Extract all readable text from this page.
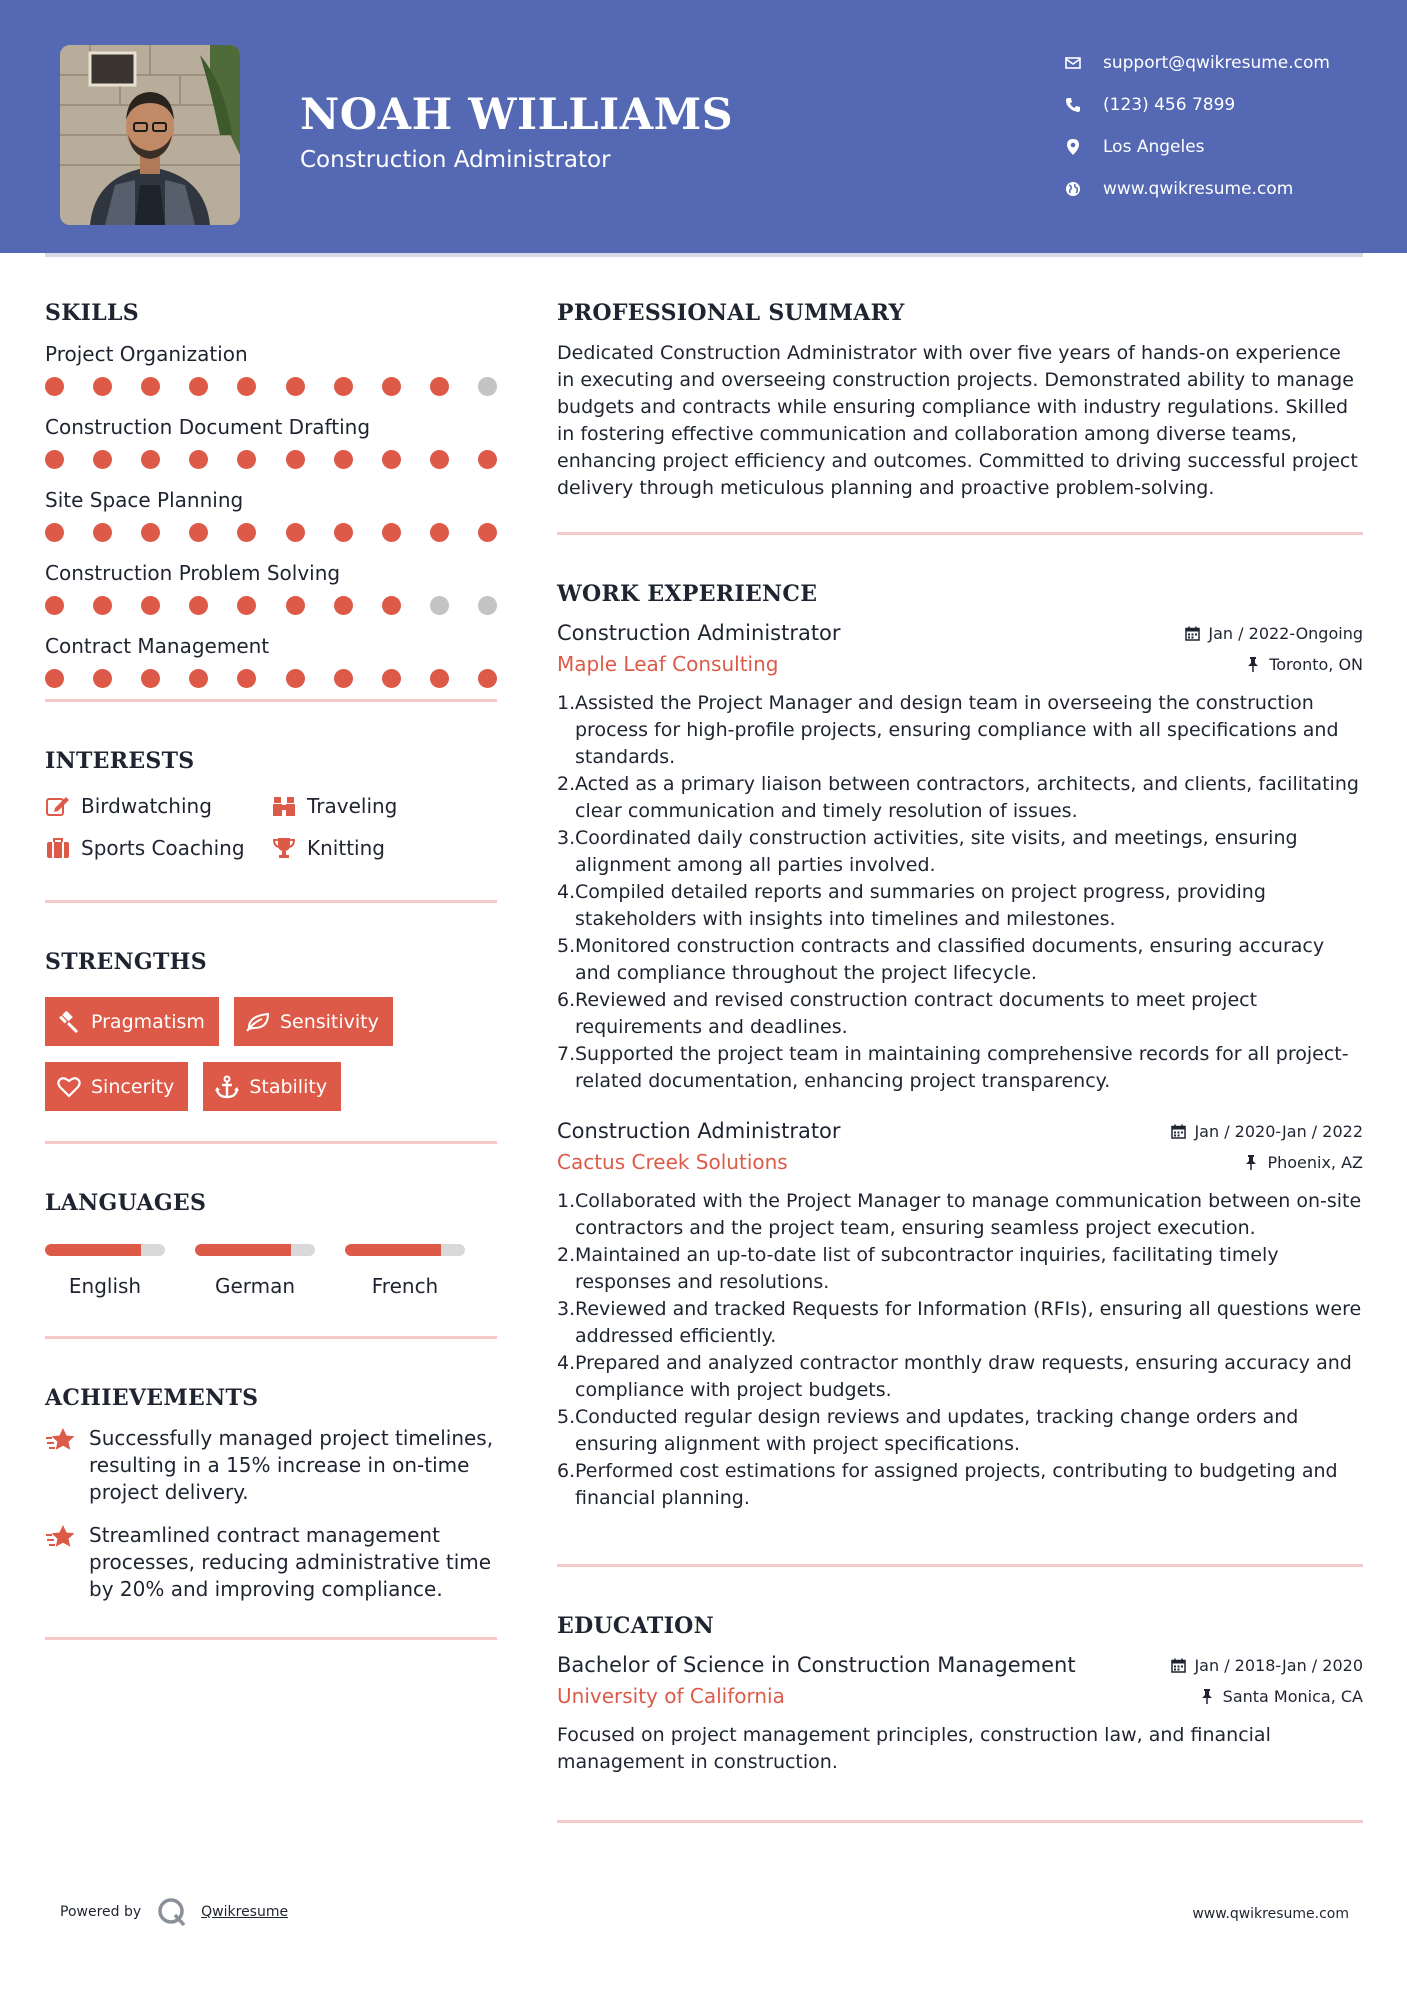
NOAH WILLIAMS
Construction Administrator
support@qwikresume.com
(123) 456 7899
Los Angeles
www.qwikresume.com
SKILLS
Project Organization
Construction Document Drafting
Site Space Planning
Construction Problem Solving
Contract Management
INTERESTS
Birdwatching	Traveling
Sports Coaching	Knitting
STRENGTHS
Pragmatism	Sensitivity
Sincerity	Stability
LANGUAGES
English	German	French
ACHIEVEMENTS
Successfully managed project timelines, resulting in a 15% increase in on-time project delivery.
Streamlined contract management processes, reducing administrative time by 20% and improving compliance.
PROFESSIONAL SUMMARY
Dedicated Construction Administrator with over five years of hands-on experience in executing and overseeing construction projects. Demonstrated ability to manage budgets and contracts while ensuring compliance with industry regulations. Skilled in fostering effective communication and collaboration among diverse teams, enhancing project efficiency and outcomes. Committed to driving successful project delivery through meticulous planning and proactive problem-solving.
WORK EXPERIENCE
Construction Administrator	Jan / 2022-Ongoing
Maple Leaf Consulting	Toronto, ON
1. Assisted the Project Manager and design team in overseeing the construction process for high-profile projects, ensuring compliance with all specifications and standards.
2. Acted as a primary liaison between contractors, architects, and clients, facilitating clear communication and timely resolution of issues.
3. Coordinated daily construction activities, site visits, and meetings, ensuring alignment among all parties involved.
4. Compiled detailed reports and summaries on project progress, providing stakeholders with insights into timelines and milestones.
5. Monitored construction contracts and classified documents, ensuring accuracy and compliance throughout the project lifecycle.
6. Reviewed and revised construction contract documents to meet project requirements and deadlines.
7. Supported the project team in maintaining comprehensive records for all project-related documentation, enhancing project transparency.
Construction Administrator	Jan / 2020-Jan / 2022
Cactus Creek Solutions	Phoenix, AZ
1. Collaborated with the Project Manager to manage communication between on-site contractors and the project team, ensuring seamless project execution.
2. Maintained an up-to-date list of subcontractor inquiries, facilitating timely responses and resolutions.
3. Reviewed and tracked Requests for Information (RFIs), ensuring all questions were addressed efficiently.
4. Prepared and analyzed contractor monthly draw requests, ensuring accuracy and compliance with project budgets.
5. Conducted regular design reviews and updates, tracking change orders and ensuring alignment with project specifications.
6. Performed cost estimations for assigned projects, contributing to budgeting and financial planning.
EDUCATION
Bachelor of Science in Construction Management	Jan / 2018-Jan / 2020
University of California	Santa Monica, CA
Focused on project management principles, construction law, and financial management in construction.
Powered by	Qwikresume	www.qwikresume.com
